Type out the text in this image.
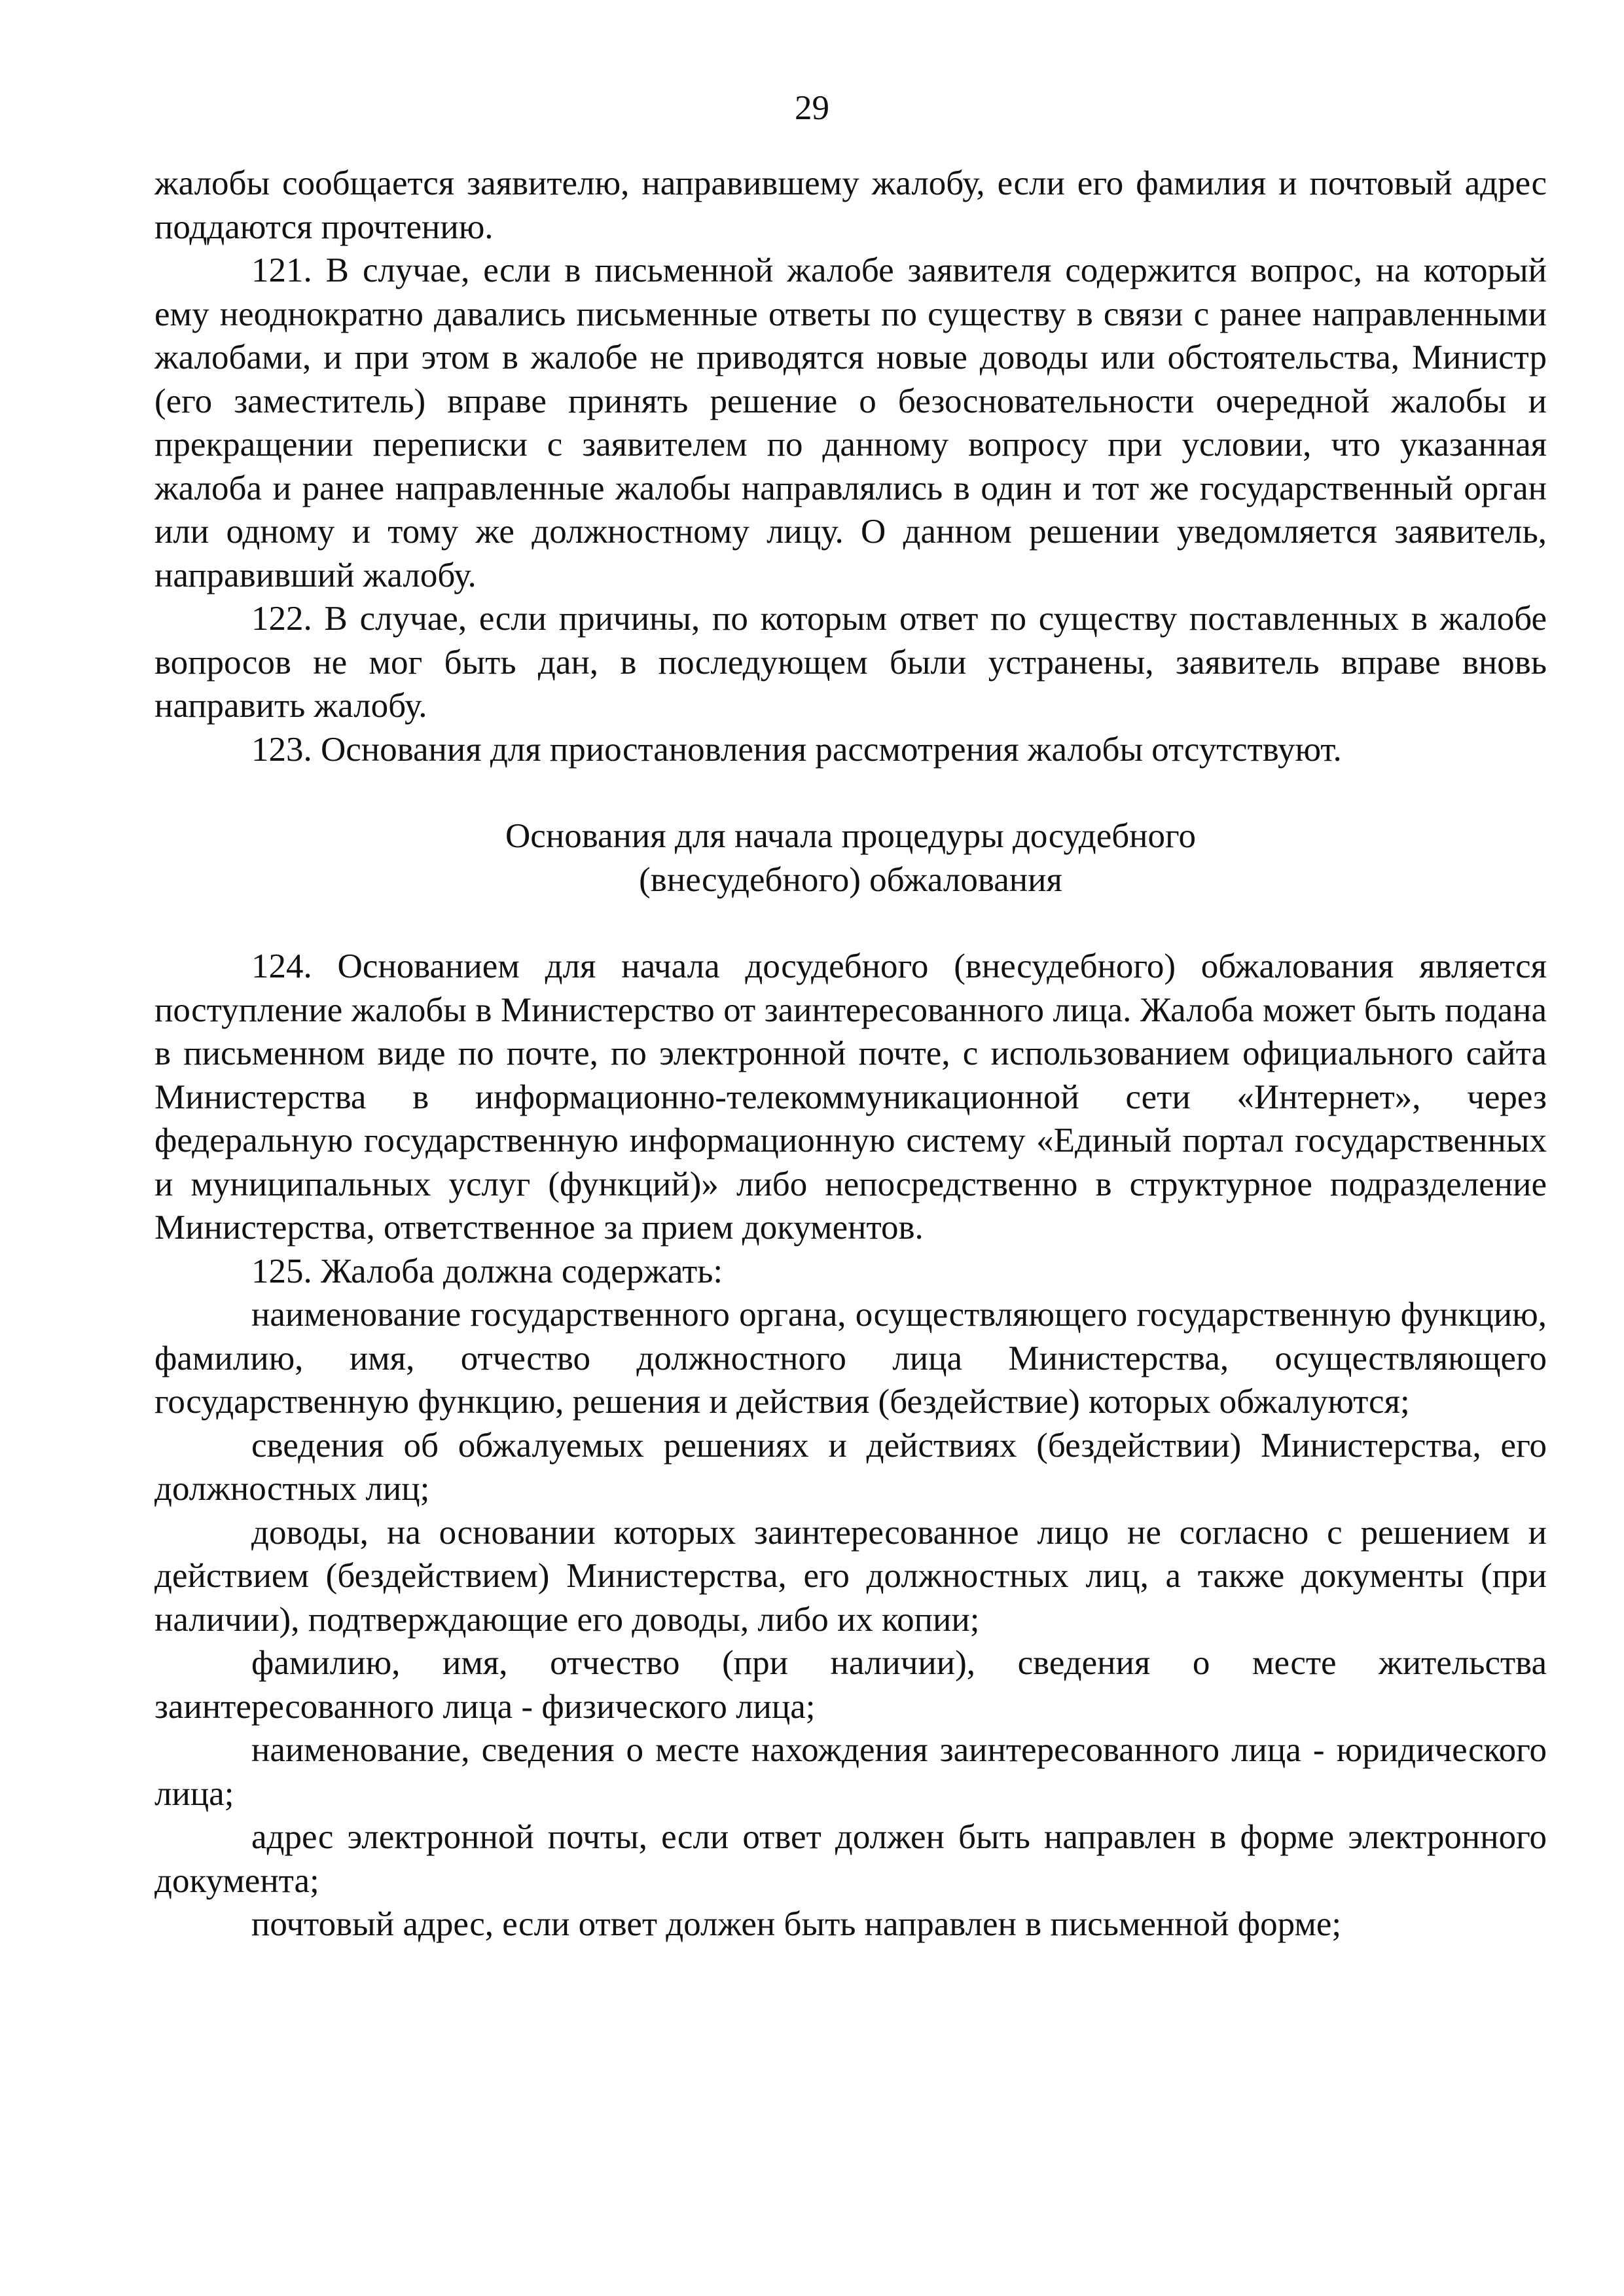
29

жалобы сообщается заявителю, направившему жалобу, если его фамилия и почтовый адрес поддаются прочтению.

121. В случае, если в письменной жалобе заявителя содержится вопрос, на который ему неоднократно давались письменные ответы по существу в связи с ранее направленными жалобами, и при этом в жалобе не приводятся новые доводы или обстоятельства, Министр (его заместитель) вправе принять решение о безосновательности очередной жалобы и прекращении переписки с заявителем по данному вопросу при условии, что указанная жалоба и ранее направленные жалобы направлялись в один и тот же государственный орган или одному и тому же должностному лицу. О данном решении уведомляется заявитель, направивший жалобу.

122. В случае, если причины, по которым ответ по существу поставленных в жалобе вопросов не мог быть дан, в последующем были устранены, заявитель вправе вновь направить жалобу.

123. Основания для приостановления рассмотрения жалобы отсутствуют.

Основания для начала процедуры досудебного
(внесудебного) обжалования

124. Основанием для начала досудебного (внесудебного) обжалования является поступление жалобы в Министерство от заинтересованного лица. Жалоба может быть подана в письменном виде по почте, по электронной почте, с использованием официального сайта Министерства в информационно-телекоммуникационной сети «Интернет», через федеральную государственную информационную систему «Единый портал государственных и муниципальных услуг (функций)» либо непосредственно в структурное подразделение Министерства, ответственное за прием документов.

125. Жалоба должна содержать:

наименование государственного органа, осуществляющего государственную функцию, фамилию, имя, отчество должностного лица Министерства, осуществляющего государственную функцию, решения и действия (бездействие) которых обжалуются;

сведения об обжалуемых решениях и действиях (бездействии) Министерства, его должностных лиц;

доводы, на основании которых заинтересованное лицо не согласно с решением и действием (бездействием) Министерства, его должностных лиц, а также документы (при наличии), подтверждающие его доводы, либо их копии;

фамилию, имя, отчество (при наличии), сведения о месте жительства заинтересованного лица - физического лица;

наименование, сведения о месте нахождения заинтересованного лица - юридического лица;

адрес электронной почты, если ответ должен быть направлен в форме электронного документа;

почтовый адрес, если ответ должен быть направлен в письменной форме;
